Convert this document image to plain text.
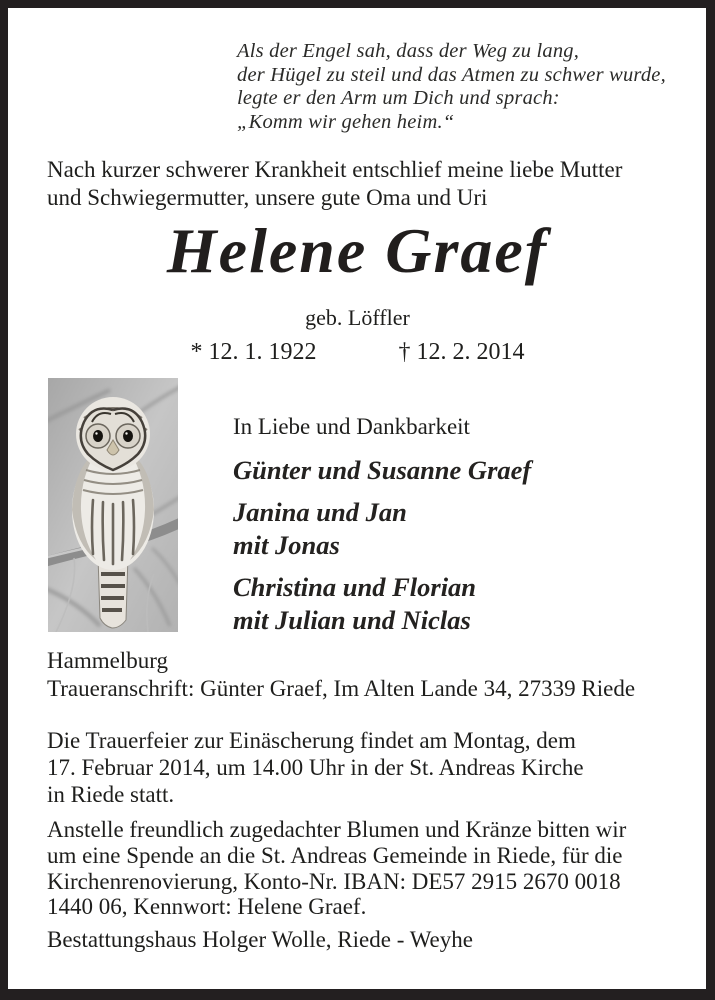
Als der Engel sah, dass der Weg zu lang,
der Hügel zu steil und das Atmen zu schwer wurde,
legte er den Arm um Dich und sprach:
„Komm wir gehen heim.“
Nach kurzer schwerer Krankheit entschlief meine liebe Mutter
und Schwiegermutter, unsere gute Oma und Uri
Helene Graef
geb. Löffler
* 12. 1. 1922	† 12. 2. 2014
In Liebe und Dankbarkeit
Günter und Susanne Graef
Janina und Jan
mit Jonas
Christina und Florian
mit Julian und Niclas
Hammelburg
Traueranschrift: Günter Graef, Im Alten Lande 34, 27339 Riede
Die Trauerfeier zur Einäscherung findet am Montag, dem
17. Februar 2014, um 14.00 Uhr in der St. Andreas Kirche
in Riede statt.
Anstelle freundlich zugedachter Blumen und Kränze bitten wir
um eine Spende an die St. Andreas Gemeinde in Riede, für die
Kirchenrenovierung, Konto-Nr. IBAN: DE57 2915 2670 0018
1440 06, Kennwort: Helene Graef.
Bestattungshaus Holger Wolle, Riede - Weyhe
